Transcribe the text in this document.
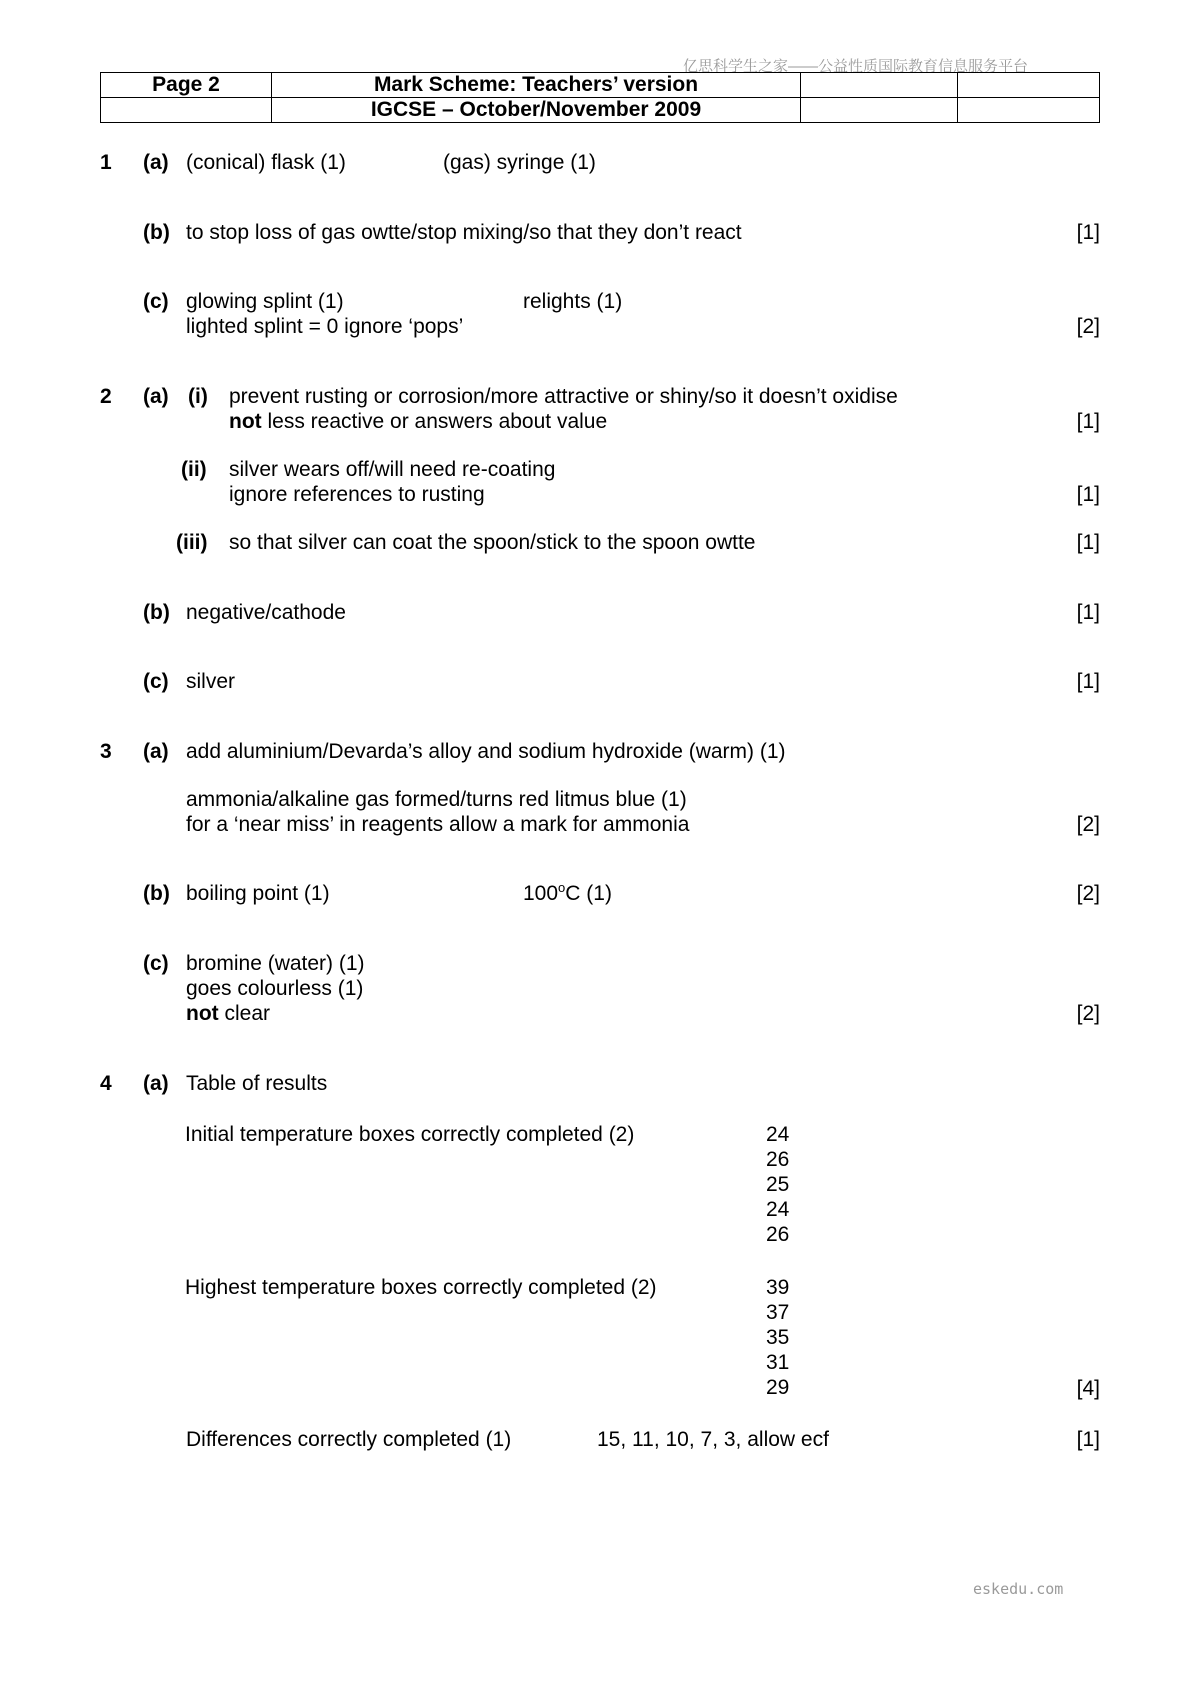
亿思科学生之家——公益性质国际教育信息服务平台
eskedu.com
Page 2	Mark Scheme: Teachers’ version		
	IGCSE – October/November 2009		
1 (a) (conical) flask (1)	(gas) syringe (1)
(b) to stop loss of gas owtte/stop mixing/so that they don’t react	[1]
(c) glowing splint (1)	relights (1)
lighted splint = 0 ignore ‘pops’	[2]
2 (a) (i) prevent rusting or corrosion/more attractive or shiny/so it doesn’t oxidise
not less reactive or answers about value	[1]
(ii) silver wears off/will need re-coating
ignore references to rusting	[1]
(iii) so that silver can coat the spoon/stick to the spoon owtte	[1]
(b) negative/cathode	[1]
(c) silver	[1]
3 (a) add aluminium/Devarda’s alloy and sodium hydroxide (warm) (1)
ammonia/alkaline gas formed/turns red litmus blue (1)
for a ‘near miss’ in reagents allow a mark for ammonia	[2]
(b) boiling point (1)	100$^o$C (1)	[2]
(c) bromine (water) (1)
goes colourless (1)
not clear	[2]
4 (a) Table of results
Initial temperature boxes correctly completed (2)	24
26
25
24
26
Highest temperature boxes correctly completed (2)	39
37
35
31
29	[4]
Differences correctly completed (1)	15, 11, 10, 7, 3, allow ecf	[1]
